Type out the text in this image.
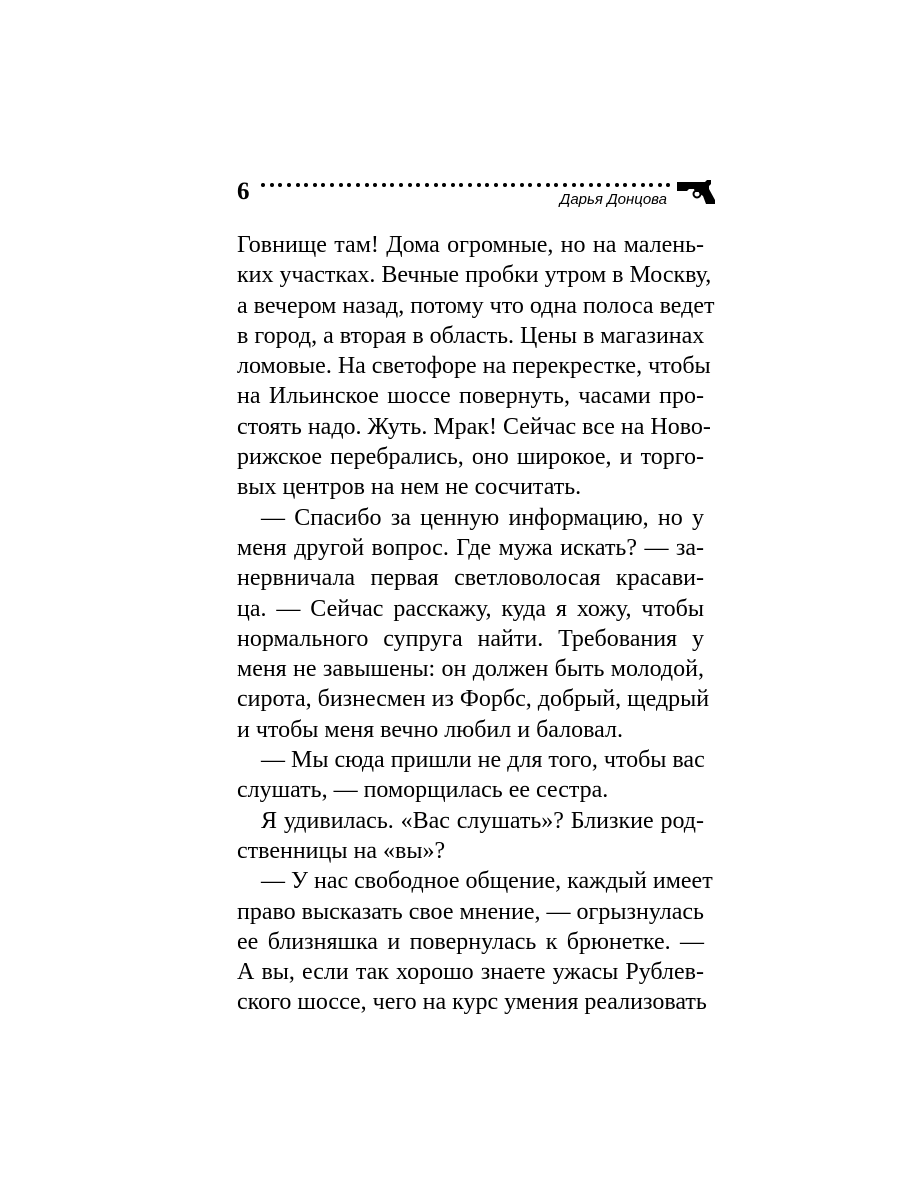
6	Дарья Донцова
Говнище там! Дома огромные, но на малень-
ких участках. Вечные пробки утром в Москву,
а вечером назад, потому что одна полоса ведет
в город, а вторая в область. Цены в магазинах
ломовые. На светофоре на перекрестке, чтобы
на Ильинское шоссе повернуть, часами про-
стоять надо. Жуть. Мрак! Сейчас все на Ново-
рижское перебрались, оно широкое, и торго-
вых центров на нем не сосчитать.
— Спасибо за ценную информацию, но у
меня другой вопрос. Где мужа искать? — за-
нервничала первая светловолосая красави-
ца. — Сейчас расскажу, куда я хожу, чтобы
нормального супруга найти. Требования у
меня не завышены: он должен быть молодой,
сирота, бизнесмен из Форбс, добрый, щедрый
и чтобы меня вечно любил и баловал.
— Мы сюда пришли не для того, чтобы вас
слушать, — поморщилась ее сестра.
Я удивилась. «Вас слушать»? Близкие род-
ственницы на «вы»?
— У нас свободное общение, каждый имеет
право высказать свое мнение, — огрызнулась
ее близняшка и повернулась к брюнетке. —
А вы, если так хорошо знаете ужасы Рублев-
ского шоссе, чего на курс умения реализовать
